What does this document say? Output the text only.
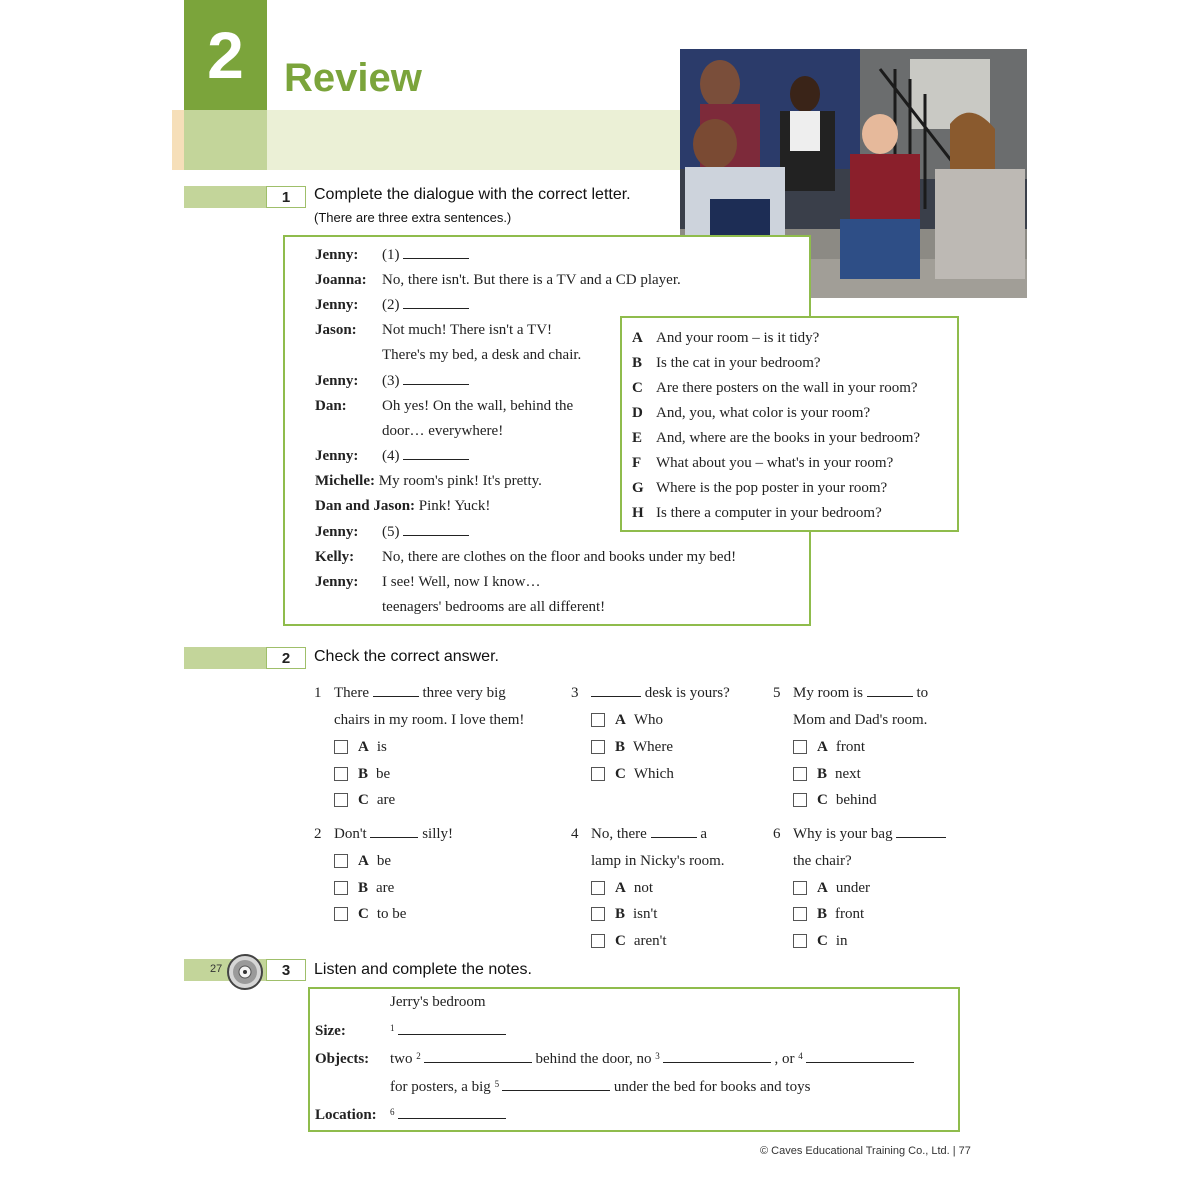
2	Review
1	Complete the dialogue with the correct letter.
(There are three extra sentences.)
Jenny: (1)
Joanna: No, there isn't. But there is a TV and a CD player.
Jenny: (2)
Jason: Not much! There isn't a TV!
There's my bed, a desk and chair.
Jenny: (3)
Dan: Oh yes! On the wall, behind the
door… everywhere!
Jenny: (4)
Michelle: My room's pink! It's pretty.
Dan and Jason: Pink! Yuck!
Jenny: (5)
Kelly: No, there are clothes on the floor and books under my bed!
Jenny: I see! Well, now I know…
teenagers' bedrooms are all different!
A And your room – is it tidy?
B Is the cat in your bedroom?
C Are there posters on the wall in your room?
D And, you, what color is your room?
E And, where are the books in your bedroom?
F What about you – what's in your room?
G Where is the pop poster in your room?
H Is there a computer in your bedroom?
2	Check the correct answer.
1 There	three very big
chairs in my room. I love them!
A is
B be
C are
2 Don't	silly!
A be
B are
C to be
3	desk is yours?
A Who
B Where
C Which
4 No, there	a
lamp in Nicky's room.
A not
B isn't
C aren't
5 My room is	to
Mom and Dad's room.
A front
B next
C behind
6 Why is your bag
the chair?
A under
B front
C in
27	3	Listen and complete the notes.
Jerry's bedroom
Size:	$^1$
Objects: two $^2$	behind the door, no $^3$	, or $^4$
for posters, a big $^5$	under the bed for books and toys
Location: $^6$
© Caves Educational Training Co., Ltd. | 77
